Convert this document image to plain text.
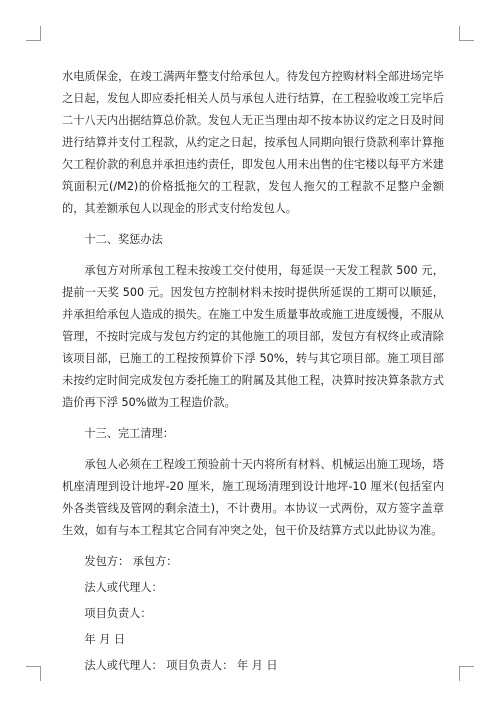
水电质保金，在竣工满两年整支付给承包人。待发包方控购材料全部进场完毕之日起，发包人即应委托相关人员与承包人进行结算，在工程验收竣工完毕后二十八天内出据结算总价款。发包人无正当理由却不按本协议约定之日及时间进行结算并支付工程款，从约定之日起，按承包人同期向银行贷款利率计算拖欠工程价款的利息并承担违约责任，即发包人用未出售的住宅楼以每平方米建筑面积元(/M2)的价格抵拖欠的工程款，发包人拖欠的工程款不足整户金额的，其差额承包人以现金的形式支付给发包人。

十二、奖惩办法

承包方对所承包工程未按竣工交付使用，每延误一天发工程款 500 元，提前一天奖 500 元。因发包方控制材料未按时提供所延误的工期可以顺延，并承担给承包人造成的损失。在施工中发生质量事故或施工进度缓慢，不服从管理，不按时完成与发包方约定的其他施工的项目部，发包方有权终止或清除该项目部，已施工的工程按预算价下浮 50%，转与其它项目部。施工项目部未按约定时间完成发包方委托施工的附属及其他工程，决算时按决算条款方式造价再下浮 50%做为工程造价款。

十三、完工清理：

承包人必须在工程竣工预验前十天内将所有材料、机械运出施工现场，塔机座清理到设计地坪-20 厘米，施工现场清理到设计地坪-10 厘米(包括室内外各类管线及管网的剩余渣土)，不计费用。本协议一式两份，双方签字盖章生效，如有与本工程其它合同有冲突之处，包干价及结算方式以此协议为准。

发包方： 承包方：

法人或代理人：

项目负责人：

年 月 日

法人或代理人： 项目负责人： 年 月 日
